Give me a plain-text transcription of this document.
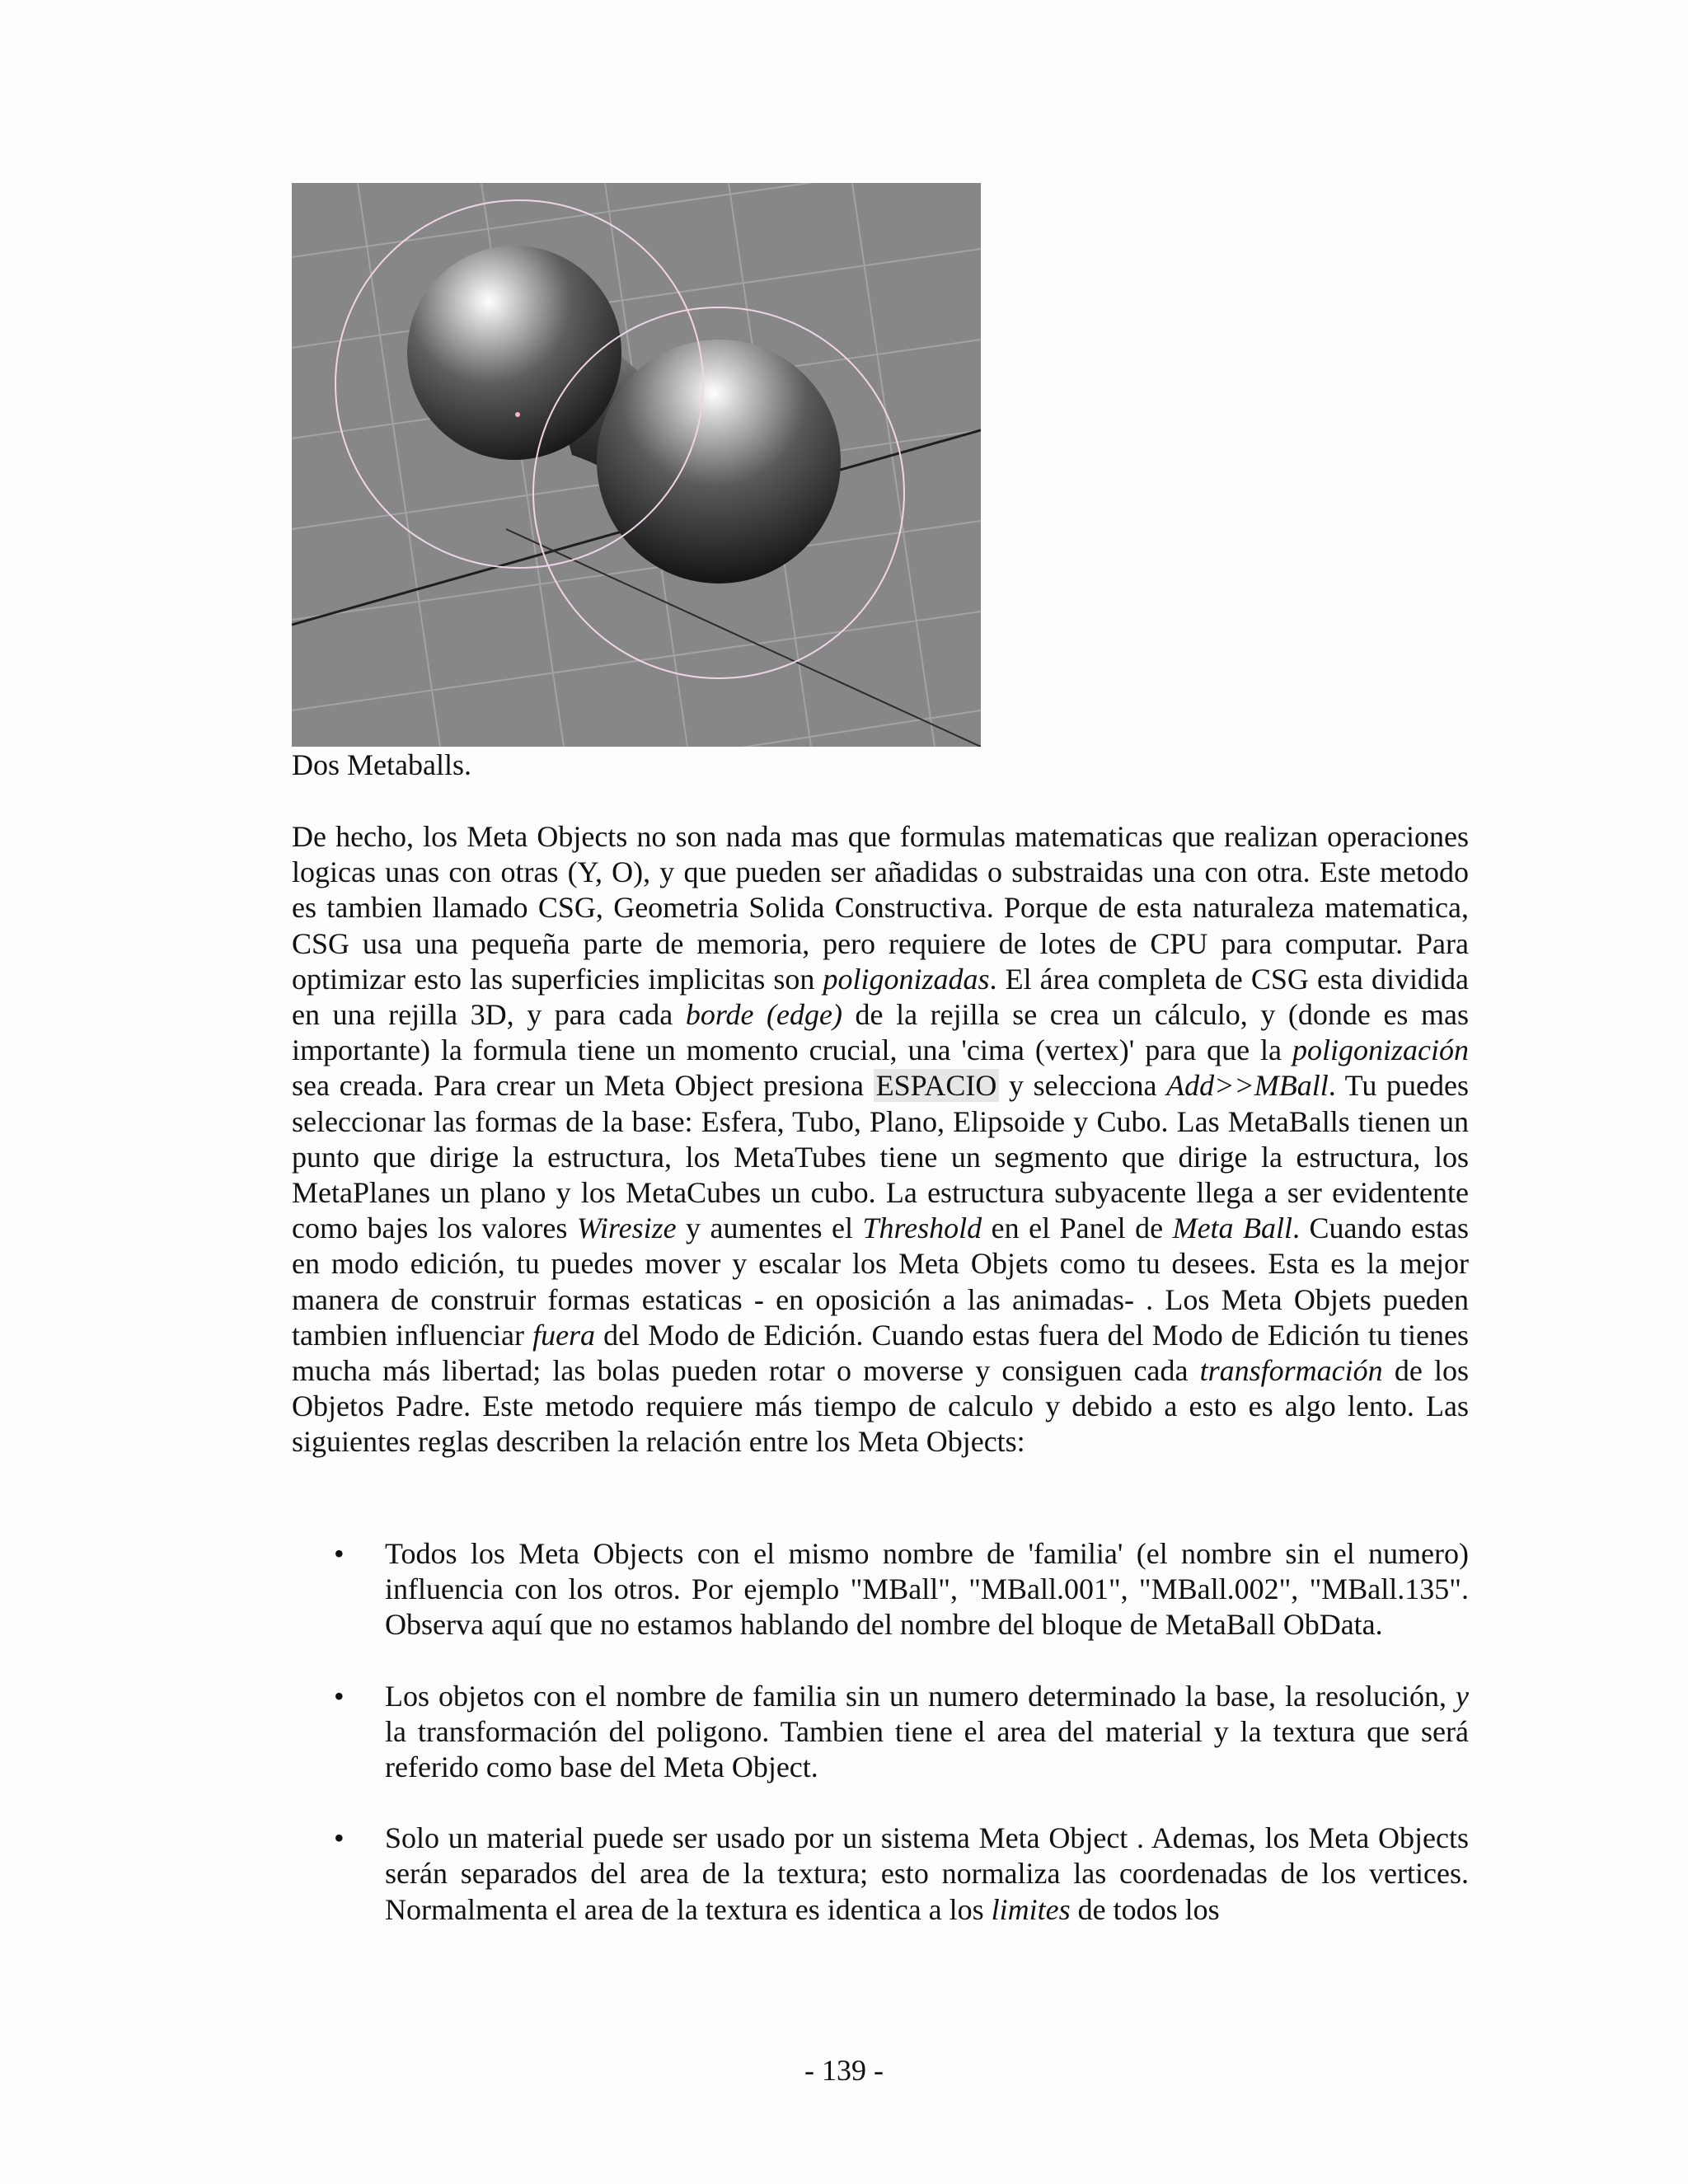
Dos Metaballs.

De hecho, los Meta Objects no son nada mas que formulas matematicas que realizan operaciones logicas unas con otras (Y, O), y que pueden ser añadidas o substraidas una con otra. Este metodo es tambien llamado CSG, Geometria Solida Constructiva. Porque de esta naturaleza matematica, CSG usa una pequeña parte de memoria, pero requiere de lotes de CPU para computar. Para optimizar esto las superficies implicitas son poligonizadas. El área completa de CSG esta dividida en una rejilla 3D, y para cada borde (edge) de la rejilla se crea un cálculo, y (donde es mas importante) la formula tiene un momento crucial, una 'cima (vertex)' para que la poligonización sea creada. Para crear un Meta Object presiona ESPACIO y selecciona Add>>MBall. Tu puedes seleccionar las formas de la base: Esfera, Tubo, Plano, Elipsoide y Cubo. Las MetaBalls tienen un punto que dirige la estructura, los MetaTubes tiene un segmento que dirige la estructura, los MetaPlanes un plano y los MetaCubes un cubo. La estructura subyacente llega a ser evidentente como bajes los valores Wiresize y aumentes el Threshold en el Panel de Meta Ball. Cuando estas en modo edición, tu puedes mover y escalar los Meta Objets como tu desees. Esta es la mejor manera de construir formas estaticas - en oposición a las animadas- . Los Meta Objets pueden tambien influenciar fuera del Modo de Edición. Cuando estas fuera del Modo de Edición tu tienes mucha más libertad; las bolas pueden rotar o moverse y consiguen cada transformación de los Objetos Padre. Este metodo requiere más tiempo de calculo y debido a esto es algo lento. Las siguientes reglas describen la relación entre los Meta Objects:

• Todos los Meta Objects con el mismo nombre de 'familia' (el nombre sin el numero) influencia con los otros. Por ejemplo "MBall", "MBall.001", "MBall.002", "MBall.135". Observa aquí que no estamos hablando del nombre del bloque de MetaBall ObData.
• Los objetos con el nombre de familia sin un numero determinado la base, la resolución, y la transformación del poligono. Tambien tiene el area del material y la textura que será referido como base del Meta Object.
• Solo un material puede ser usado por un sistema Meta Object . Ademas, los Meta Objects serán separados del area de la textura; esto normaliza las coordenadas de los vertices. Normalmenta el area de la textura es identica a los limites de todos los
- 139 -
